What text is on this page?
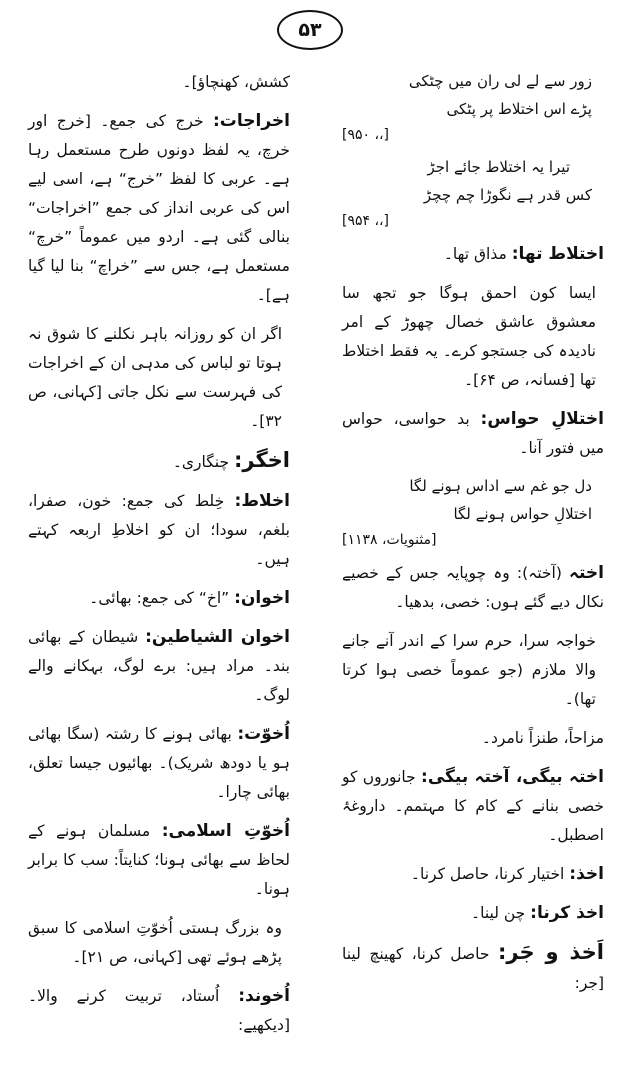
۵۳
زور سے لے لی ران میں چٹکی
پڑے اس اختلاط پر پٹکی
[۹۵۰ ،،]
تیرا یہ اختلاط جائے اجڑ
کس قدر ہے نگوڑا چم چچڑ
[۹۵۴ ،،]
اختلاط تھا: مذاق تھا۔
ایسا کون احمق ہوگا جو تجھ سا معشوق عاشق خصال چھوڑ کے امر نادیدہ کی جستجو کرے۔ یہ فقط اختلاط تھا [فسانہ، ص ۶۴]۔
اختلالِ حواس: بد حواسی، حواس میں فتور آنا۔
دل جو غم سے اداس ہونے لگا
اختلالِ حواس ہونے لگا
[مثنویات، ۱۱۳۸]
اختہ (آختہ): وہ چوپایہ جس کے خصیے نکال دیے گئے ہوں: خصی، بدھیا۔
خواجہ سرا، حرم سرا کے اندر آنے جانے والا ملازم (جو عموماً خصی ہوا کرتا تھا)۔
مزاحاً، طنزاً نامرد۔
اختہ بیگی، آختہ بیگی: جانوروں کو خصی بنانے کے کام کا مہتمم۔ داروغۂ اصطبل۔
اخذ: اختیار کرنا، حاصل کرنا۔
اخذ کرنا: چن لینا۔
اَخذ و جَر: حاصل کرنا، کھینچ لینا [جر:
کشش، کھنچاؤ]۔
اخراجات: خرج کی جمع۔ [خرج اور خرچ، یہ لفظ دونوں طرح مستعمل رہا ہے۔ عربی کا لفظ ”خرج“ ہے، اسی لیے اس کی عربی انداز کی جمع ”اخراجات“ بنالی گئی ہے۔ اردو میں عموماً ”خرچ“ مستعمل ہے، جس سے ”خراچ“ بنا لیا گیا ہے]۔
اگر ان کو روزانہ باہر نکلنے کا شوق نہ ہوتا تو لباس کی مدہی ان کے اخراجات کی فہرست سے نکل جاتی [کہانی، ص ۳۲]۔
اخگر: چنگاری۔
اخلاط: خِلط کی جمع: خون، صفرا، بلغم، سودا؛ ان کو اخلاطِ اربعہ کہتے ہیں۔
اخوان: ”اخ“ کی جمع: بھائی۔
اخوان الشیاطین: شیطان کے بھائی بند۔ مراد ہیں: برے لوگ، بہکانے والے لوگ۔
اُخوّت: بھائی ہونے کا رشتہ (سگا بھائی ہو یا دودھ شریک)۔ بھائیوں جیسا تعلق، بھائی چارا۔
اُخوّتِ اسلامی: مسلمان ہونے کے لحاظ سے بھائی ہونا؛ کنایتاً: سب کا برابر ہونا۔
وہ بزرگ ہستی اُخوّتِ اسلامی کا سبق پڑھے ہوئے تھی [کہانی، ص ۲۱]۔
اُخوند: اُستاد، تربیت کرنے والا۔ [دیکھیے:
